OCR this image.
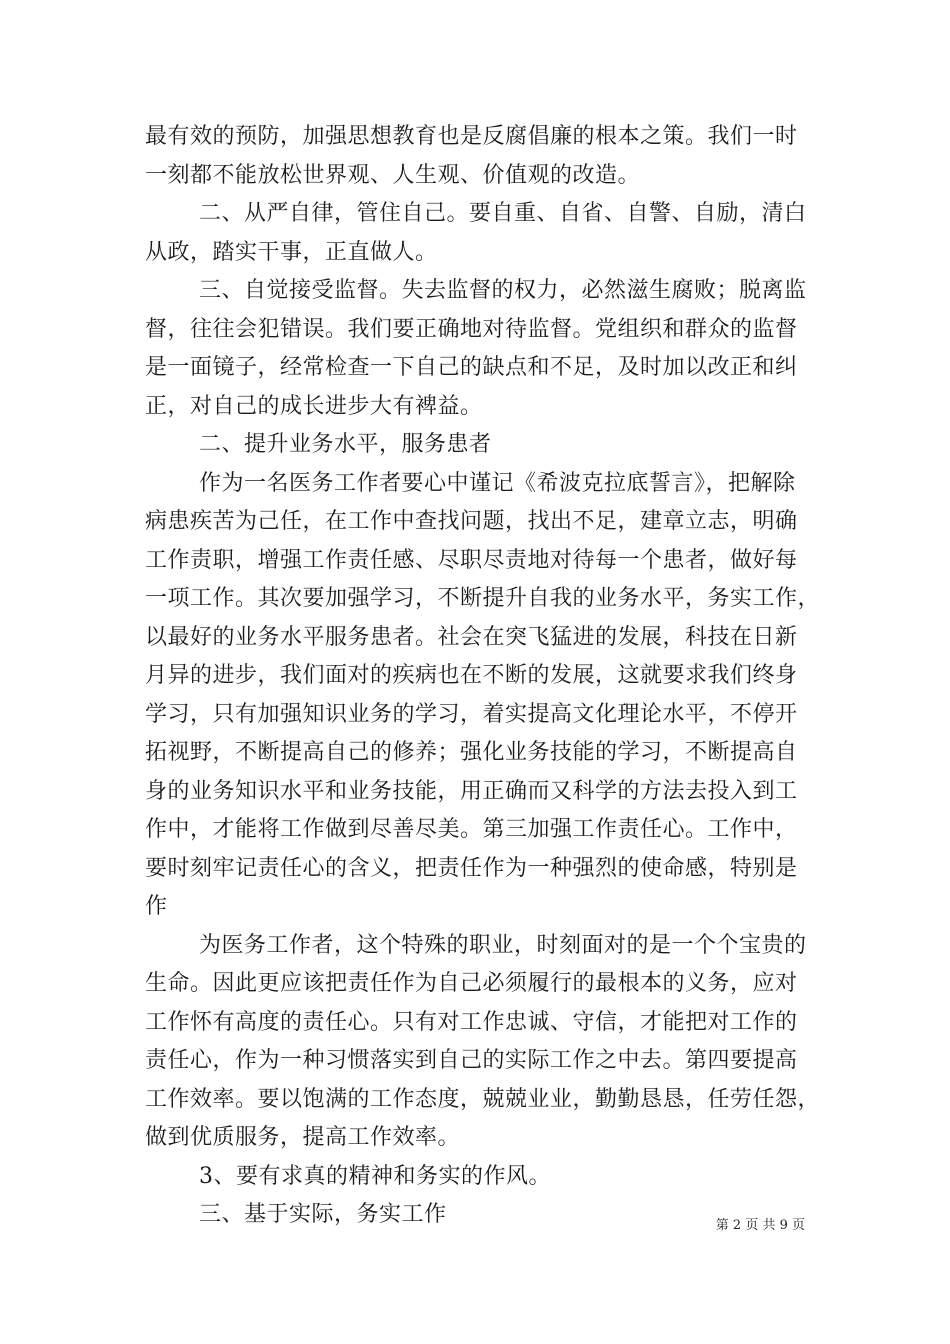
最有效的预防，加强思想教育也是反腐倡廉的根本之策。我们一时
一刻都不能放松世界观、人生观、价值观的改造。
二、从严自律，管住自己。要自重、自省、自警、自励，清白
从政，踏实干事，正直做人。
三、自觉接受监督。失去监督的权力，必然滋生腐败；脱离监
督，往往会犯错误。我们要正确地对待监督。党组织和群众的监督
是一面镜子，经常检查一下自己的缺点和不足，及时加以改正和纠
正，对自己的成长进步大有裨益。
二、提升业务水平，服务患者
作为一名医务工作者要心中谨记《希波克拉底誓言》，把解除
病患疾苦为己任，在工作中查找问题，找出不足，建章立志，明确
工作责职，增强工作责任感、尽职尽责地对待每一个患者，做好每
一项工作。其次要加强学习，不断提升自我的业务水平，务实工作，
以最好的业务水平服务患者。社会在突飞猛进的发展，科技在日新
月异的进步，我们面对的疾病也在不断的发展，这就要求我们终身
学习，只有加强知识业务的学习，着实提高文化理论水平，不停开
拓视野，不断提高自己的修养；强化业务技能的学习，不断提高自
身的业务知识水平和业务技能，用正确而又科学的方法去投入到工
作中，才能将工作做到尽善尽美。第三加强工作责任心。工作中，
要时刻牢记责任心的含义，把责任作为一种强烈的使命感，特别是
作
为医务工作者，这个特殊的职业，时刻面对的是一个个宝贵的
生命。因此更应该把责任作为自己必须履行的最根本的义务，应对
工作怀有高度的责任心。只有对工作忠诚、守信，才能把对工作的
责任心，作为一种习惯落实到自己的实际工作之中去。第四要提高
工作效率。要以饱满的工作态度，兢兢业业，勤勤恳恳，任劳任怨，
做到优质服务，提高工作效率。
3、要有求真的精神和务实的作风。
三、基于实际，务实工作	第 2 页 共 9 页
